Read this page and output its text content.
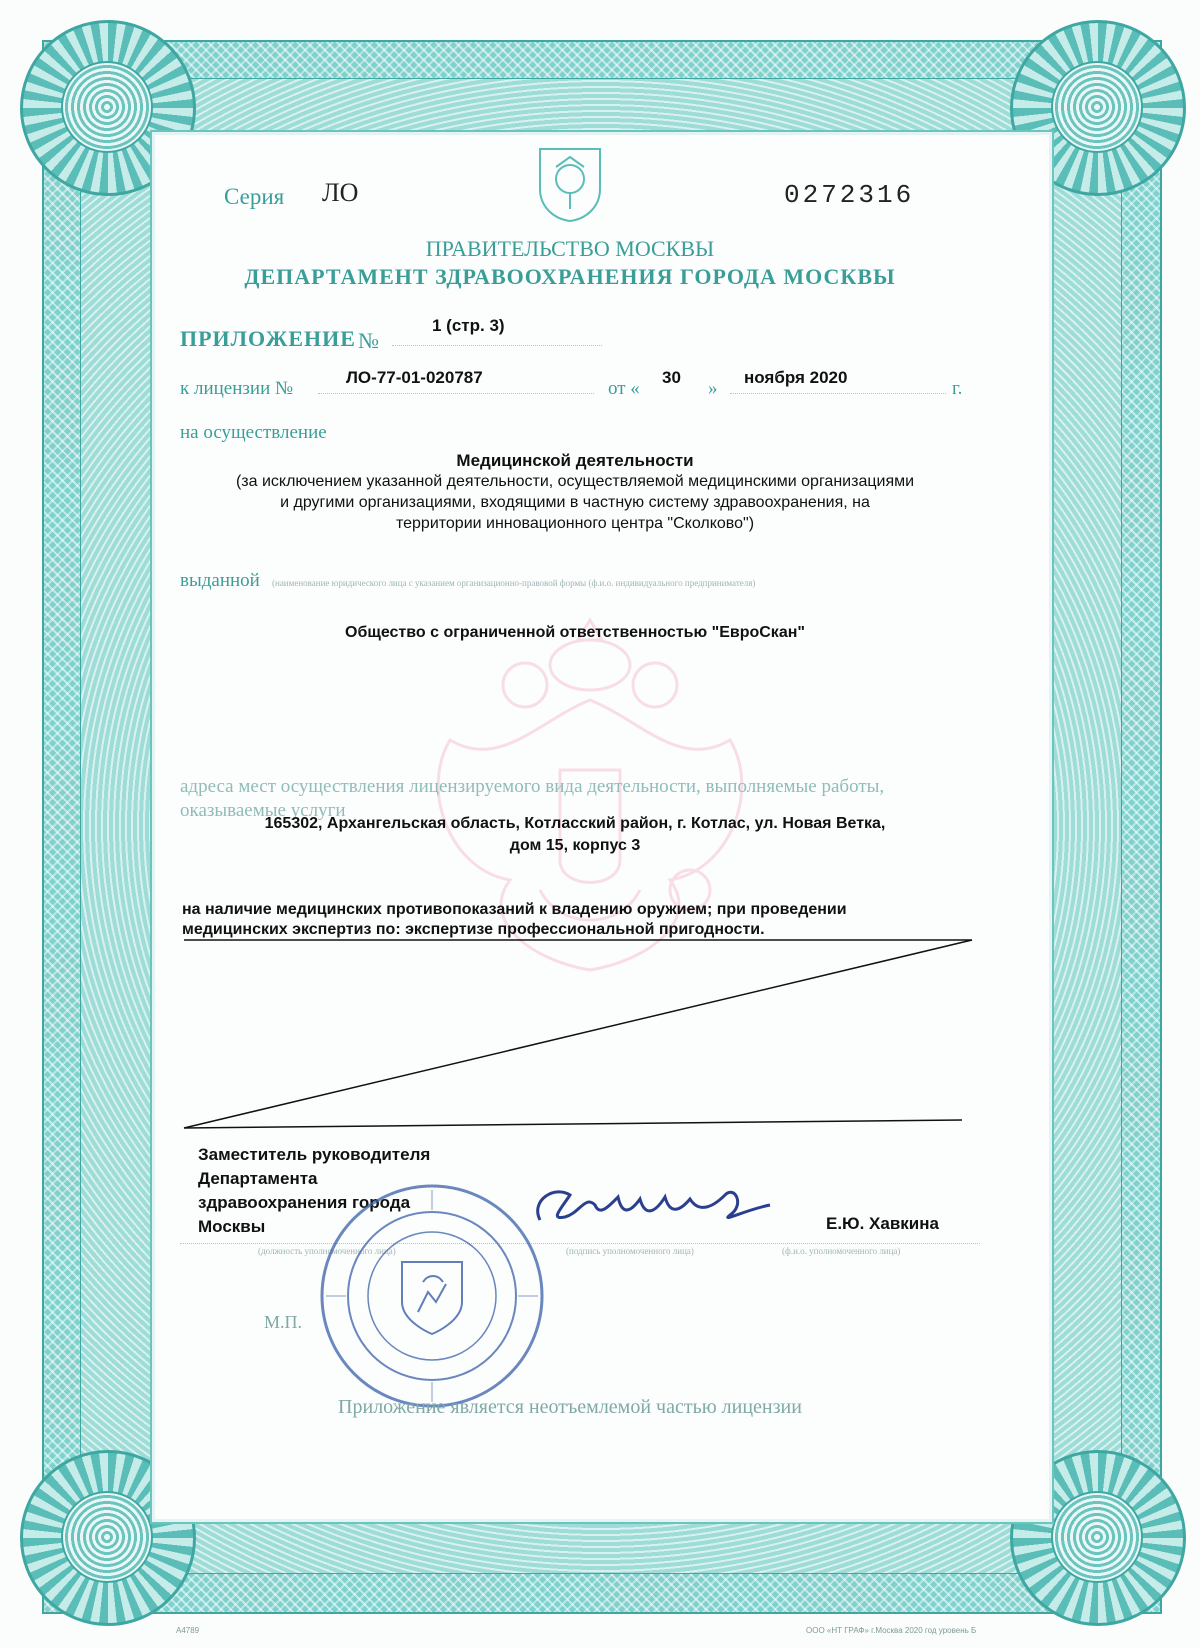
Серия ЛО	0272316
ПРАВИТЕЛЬСТВО МОСКВЫ
ДЕПАРТАМЕНТ ЗДРАВООХРАНЕНИЯ ГОРОДА МОСКВЫ
ПРИЛОЖЕНИЕ №
1 (стр. 3)
к лицензии №
ЛО-77-01-020787
от «
30
»
ноября 2020
г.
на осуществление
Медицинской деятельности
(за исключением указанной деятельности, осуществляемой медицинскими организациями
и другими организациями, входящими в частную систему здравоохранения, на
территории инновационного центра "Сколково")
выданной (наименование юридического лица с указанием организационно-правовой формы (ф.и.о. индивидуального предпринимателя)
Общество с ограниченной ответственностью "ЕвроСкан"
адреса мест осуществления лицензируемого вида деятельности, выполняемые работы,
оказываемые услуги
165302, Архангельская область, Котласский район, г. Котлас, ул. Новая Ветка,
дом 15, корпус 3
на наличие медицинских противопоказаний к владению оружием; при проведении
медицинских экспертиз по: экспертизе профессиональной пригодности.
Заместитель руководителя
Департамента
здравоохранения города
Москвы	Е.Ю. Хавкина
(должность уполномоченного лица)	(подпись уполномоченного лица)	(ф.и.о. уполномоченного лица)
М.П.
Приложение является неотъемлемой частью лицензии
А4789	ООО «НТ ГРАФ» г.Москва 2020 год уровень Б
